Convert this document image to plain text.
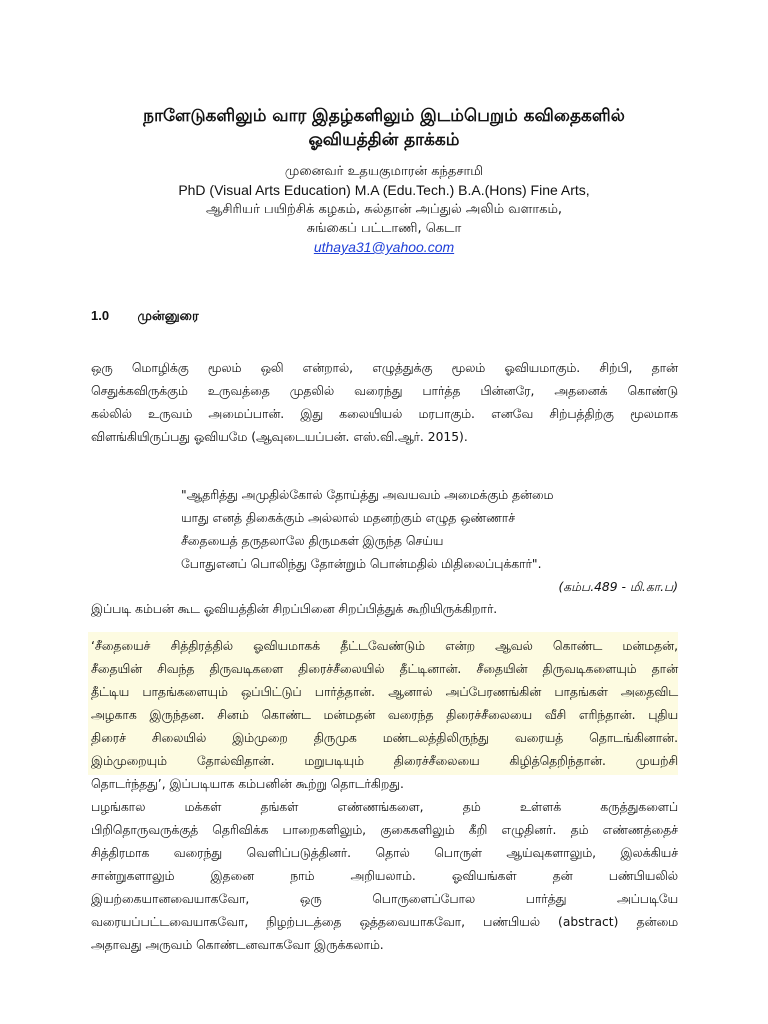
நாளேடுகளிலும் வார இதழ்களிலும் இடம்பெறும் கவிதைகளில்
ஓவியத்தின் தாக்கம்
முனைவர் உதயகுமாரன் கந்தசாமி
PhD (Visual Arts Education) M.A (Edu.Tech.) B.A.(Hons) Fine Arts,
ஆசிரியர் பயிற்சிக் கழகம், சுல்தான் அப்துல் அலிம் வளாகம்,
சுங்கைப் பட்டாணி, கெடா
uthaya31@yahoo.com
1.0 முன்னுரை
ஒரு மொழிக்கு மூலம் ஒலி என்றால், எழுத்துக்கு மூலம் ஓவியமாகும். சிற்பி, தான்
செதுக்கவிருக்கும் உருவத்தை முதலில் வரைந்து பார்த்த பின்னரே, அதனைக் கொண்டு
கல்லில் உருவம் அமைப்பான். இது கலையியல் மரபாகும். எனவே சிற்பத்திற்கு மூலமாக
விளங்கியிருப்பது ஓவியமே (ஆவுடையப்பன். எஸ்.வி.ஆர். 2015).
"ஆதரித்து அமுதில்கோல் தோய்த்து அவயவம் அமைக்கும் தன்மை
யாது எனத் திகைக்கும் அல்லால் மதனற்கும் எழுத ஒண்ணாச்
சீதையைத் தருதலாலே திருமகள் இருந்த செய்ய
போதுஎனப் பொலிந்து தோன்றும் பொன்மதில் மிதிலைப்புக்கார்".
(கம்ப.489 - மி.கா.ப)
இப்படி கம்பன் கூட ஓவியத்தின் சிறப்பினை சிறப்பித்துக் கூறியிருக்கிறார்.
‘சீதையைச் சித்திரத்தில் ஓவியமாகக் தீட்டவேண்டும் என்ற ஆவல் கொண்ட மன்மதன்,
சீதையின் சிவந்த திருவடிகளை திரைச்சீலையில் தீட்டினான். சீதையின் திருவடிகளையும் தான்
தீட்டிய பாதங்களையும் ஒப்பிட்டுப் பார்த்தான். ஆனால் அப்பேரணங்கின் பாதங்கள் அதைவிட
அழகாக இருந்தன. சினம் கொண்ட மன்மதன் வரைந்த திரைச்சீலையை வீசி எரிந்தான். புதிய
திரைச் சிலையில் இம்முறை திருமுக மண்டலத்திலிருந்து வரையத் தொடங்கினான்.
இம்முறையும் தோல்விதான். மறுபடியும் திரைச்சீலையை கிழித்தெறிந்தான். முயற்சி
தொடர்ந்தது’, இப்படியாக கம்பனின் கூற்று தொடர்கிறது.
பழங்கால மக்கள் தங்கள் எண்ணங்களை, தம் உள்ளக் கருத்துகளைப்
பிறிதொருவருக்குத் தெரிவிக்க பாறைகளிலும், குகைகளிலும் கீறி எழுதினர். தம் எண்ணத்தைச்
சித்திரமாக வரைந்து வெளிப்படுத்தினர். தொல் பொருள் ஆய்வுகளாலும், இலக்கியச்
சான்றுகளாலும் இதனை நாம் அறியலாம். ஓவியங்கள் தன் பண்பியலில்
இயற்கையானவையாகவோ, ஒரு பொருளைப்போல பார்த்து அப்படியே
வரையப்பட்டவையாகவோ, நிழற்படத்தை ஒத்தவையாகவோ, பண்பியல் (abstract) தன்மை
அதாவது அருவம் கொண்டனவாகவோ இருக்கலாம்.
